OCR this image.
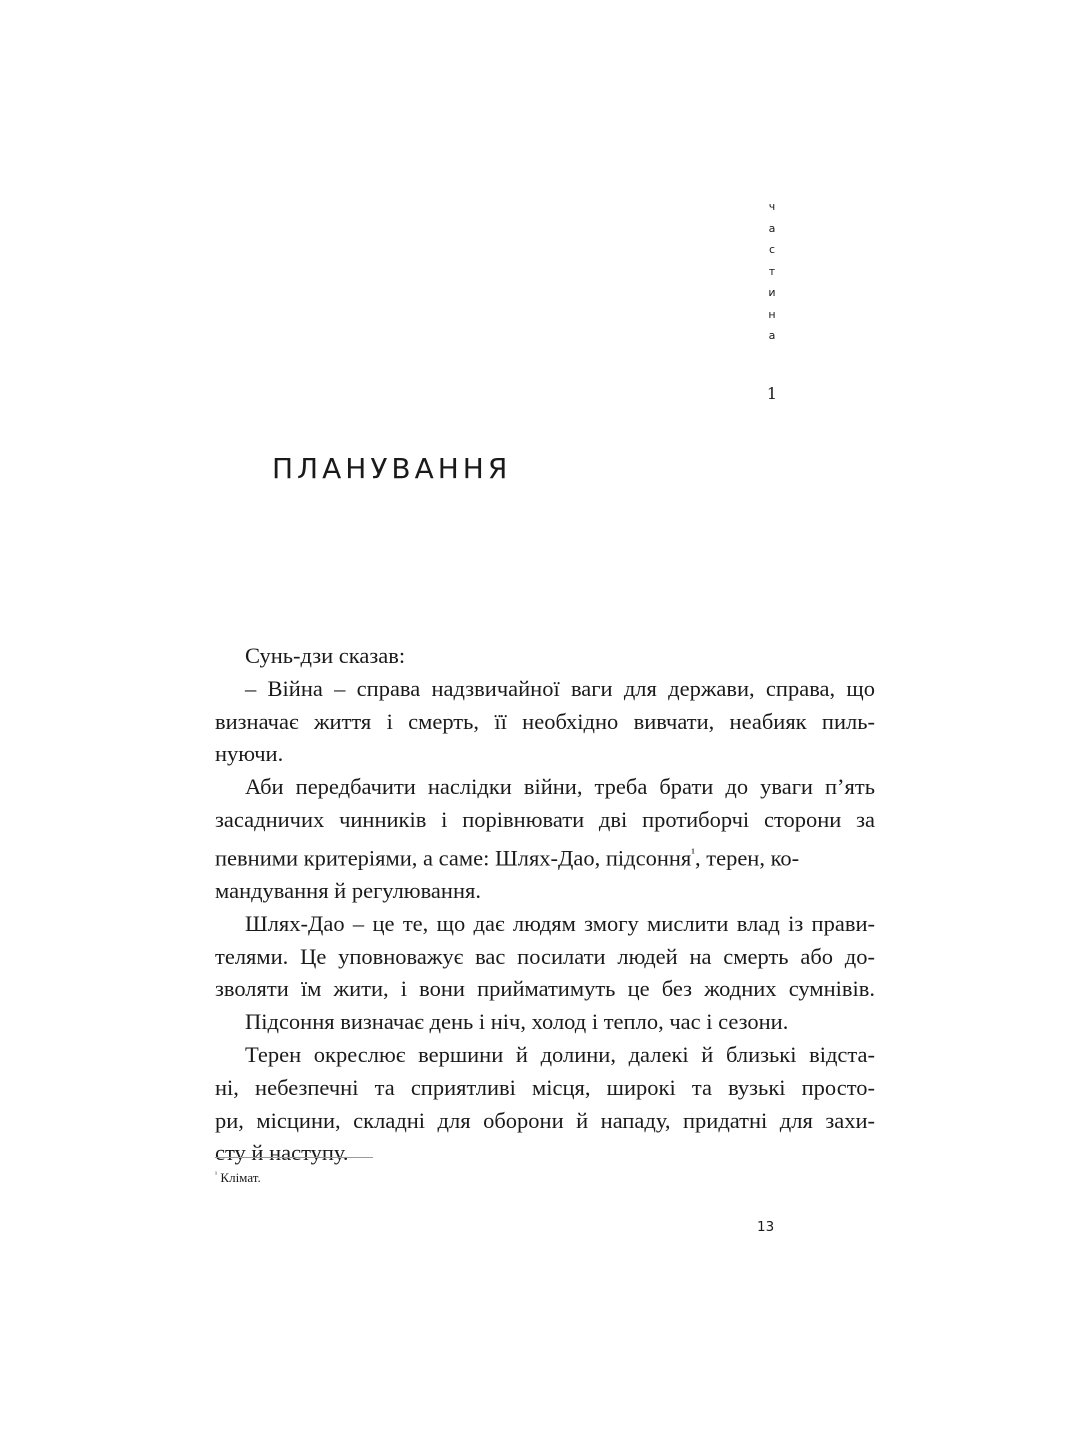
ч
а
с
т
и
н
а
1
ПЛАНУВАННЯ
Сунь-дзи сказав:
– Війна – справа надзвичайної ваги для держави, справа, що
визначає життя і смерть, її необхідно вивчати, неабияк пиль-
нуючи.
Аби передбачити наслідки війни, треба брати до уваги п’ять
засадничих чинників і порівнювати дві протиборчі сторони за
певними критеріями, а саме: Шлях-Дао, підсоння$^{^1}$, терен, ко-
мандування й регулювання.
Шлях-Дао – це те, що дає людям змогу мислити влад із прави-
телями. Це уповноважує вас посилати людей на смерть або до-
зволяти їм жити, і вони прийматимуть це без жодних сумнівів.
Підсоння визначає день і ніч, холод і тепло, час і сезони.
Терен окреслює вершини й долини, далекі й близькі відста-
ні, небезпечні та сприятливі місця, широкі та вузькі просто-
ри, місцини, складні для оборони й нападу, придатні для захи-
сту й наступу.
$^{^1}$ Клімат.
13
